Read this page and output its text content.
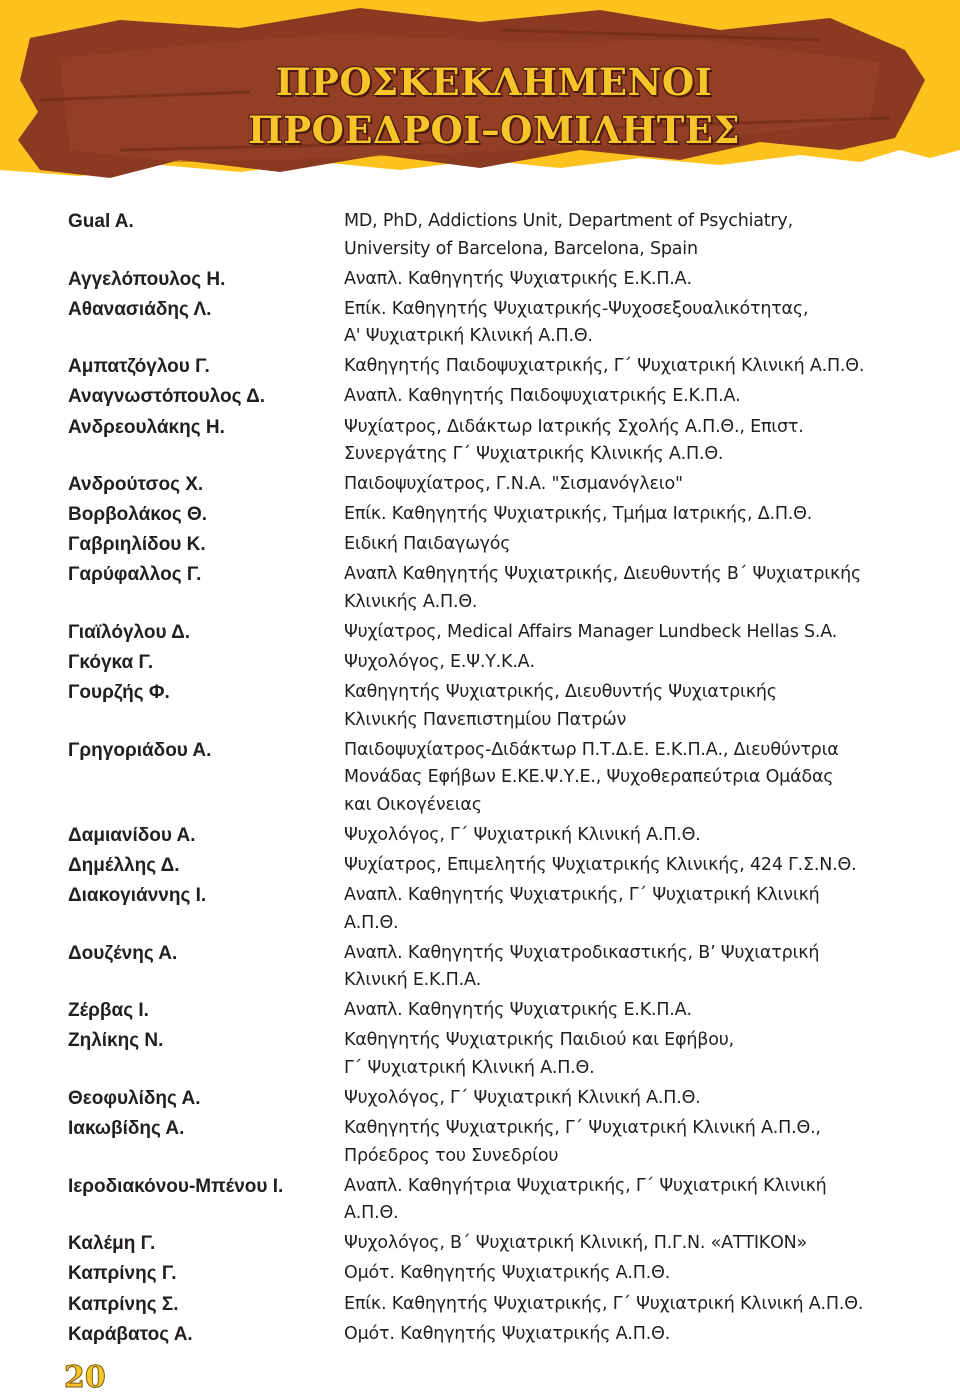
ΠΡΟΣΚΕΚΛΗΜΕΝΟΙ
ΠΡΟΕΔΡΟΙ–ΟΜΙΛΗΤΕΣ
Gual A.	MD, PhD, Addictions Unit, Department of Psychiatry,
University of Barcelona, Barcelona, Spain
Αγγελόπουλος Η.	Αναπλ. Καθηγητής Ψυχιατρικής Ε.Κ.Π.Α.
Αθανασιάδης Λ.	Επίκ. Καθηγητής Ψυχιατρικής-Ψυχοσεξουαλικότητας,
Α' Ψυχιατρική Κλινική Α.Π.Θ.
Αμπατζόγλου Γ.	Καθηγητής Παιδοψυχιατρικής, Γ΄ Ψυχιατρική Κλινική Α.Π.Θ.
Αναγνωστόπουλος Δ.	Αναπλ. Καθηγητής Παιδοψυχιατρικής Ε.Κ.Π.Α.
Ανδρεουλάκης Η.	Ψυχίατρος, Διδάκτωρ Ιατρικής Σχολής Α.Π.Θ., Επιστ.
Συνεργάτης Γ΄ Ψυχιατρικής Κλινικής Α.Π.Θ.
Ανδρούτσος Χ.	Παιδοψυχίατρος, Γ.Ν.Α. "Σισμανόγλειο"
Βορβολάκος Θ.	Επίκ. Καθηγητής Ψυχιατρικής, Τμήμα Ιατρικής, Δ.Π.Θ.
Γαβριηλίδου Κ.	Ειδική Παιδαγωγός
Γαρύφαλλος Γ.	Αναπλ Καθηγητής Ψυχιατρικής, Διευθυντής Β΄ Ψυχιατρικής
Κλινικής Α.Π.Θ.
Γιαϊλόγλου Δ.	Ψυχίατρος, Medical Affairs Manager Lundbeck Hellas S.A.
Γκόγκα Γ.	Ψυχολόγος, Ε.Ψ.Υ.Κ.Α.
Γουρζής Φ.	Καθηγητής Ψυχιατρικής, Διευθυντής Ψυχιατρικής
Κλινικής Πανεπιστημίου Πατρών
Γρηγοριάδου Α.	Παιδοψυχίατρος-Διδάκτωρ Π.Τ.Δ.Ε. Ε.Κ.Π.Α., Διευθύντρια
Μονάδας Εφήβων Ε.ΚΕ.Ψ.Υ.Ε., Ψυχοθεραπεύτρια Ομάδας
και Οικογένειας
Δαμιανίδου Α.	Ψυχολόγος, Γ΄ Ψυχιατρική Κλινική Α.Π.Θ.
Δημέλλης Δ.	Ψυχίατρος, Επιμελητής Ψυχιατρικής Κλινικής, 424 Γ.Σ.Ν.Θ.
Διακογιάννης Ι.	Αναπλ. Καθηγητής Ψυχιατρικής, Γ΄ Ψυχιατρική Κλινική
Α.Π.Θ.
Δουζένης Α.	Αναπλ. Καθηγητής Ψυχιατροδικαστικής, Β’ Ψυχιατρική
Κλινική Ε.Κ.Π.Α.
Ζέρβας Ι.	Αναπλ. Καθηγητής Ψυχιατρικής Ε.Κ.Π.Α.
Ζηλίκης Ν.	Καθηγητής Ψυχιατρικής Παιδιού και Εφήβου,
Γ΄ Ψυχιατρική Κλινική Α.Π.Θ.
Θεοφυλίδης Α.	Ψυχολόγος, Γ΄ Ψυχιατρική Κλινική Α.Π.Θ.
Ιακωβίδης Α.	Καθηγητής Ψυχιατρικής, Γ΄ Ψυχιατρική Κλινική Α.Π.Θ.,
Πρόεδρος του Συνεδρίου
Ιεροδιακόνου-Μπένου Ι.	Αναπλ. Καθηγήτρια Ψυχιατρικής, Γ΄ Ψυχιατρική Κλινική
Α.Π.Θ.
Καλέμη Γ.	Ψυχολόγος, Β΄ Ψυχιατρική Κλινική, Π.Γ.Ν. «ΑΤΤΙΚΟΝ»
Καπρίνης Γ.	Ομότ. Καθηγητής Ψυχιατρικής Α.Π.Θ.
Καπρίνης Σ.	Επίκ. Καθηγητής Ψυχιατρικής, Γ΄ Ψυχιατρική Κλινική Α.Π.Θ.
Καράβατος Α.	Ομότ. Καθηγητής Ψυχιατρικής Α.Π.Θ.
20
